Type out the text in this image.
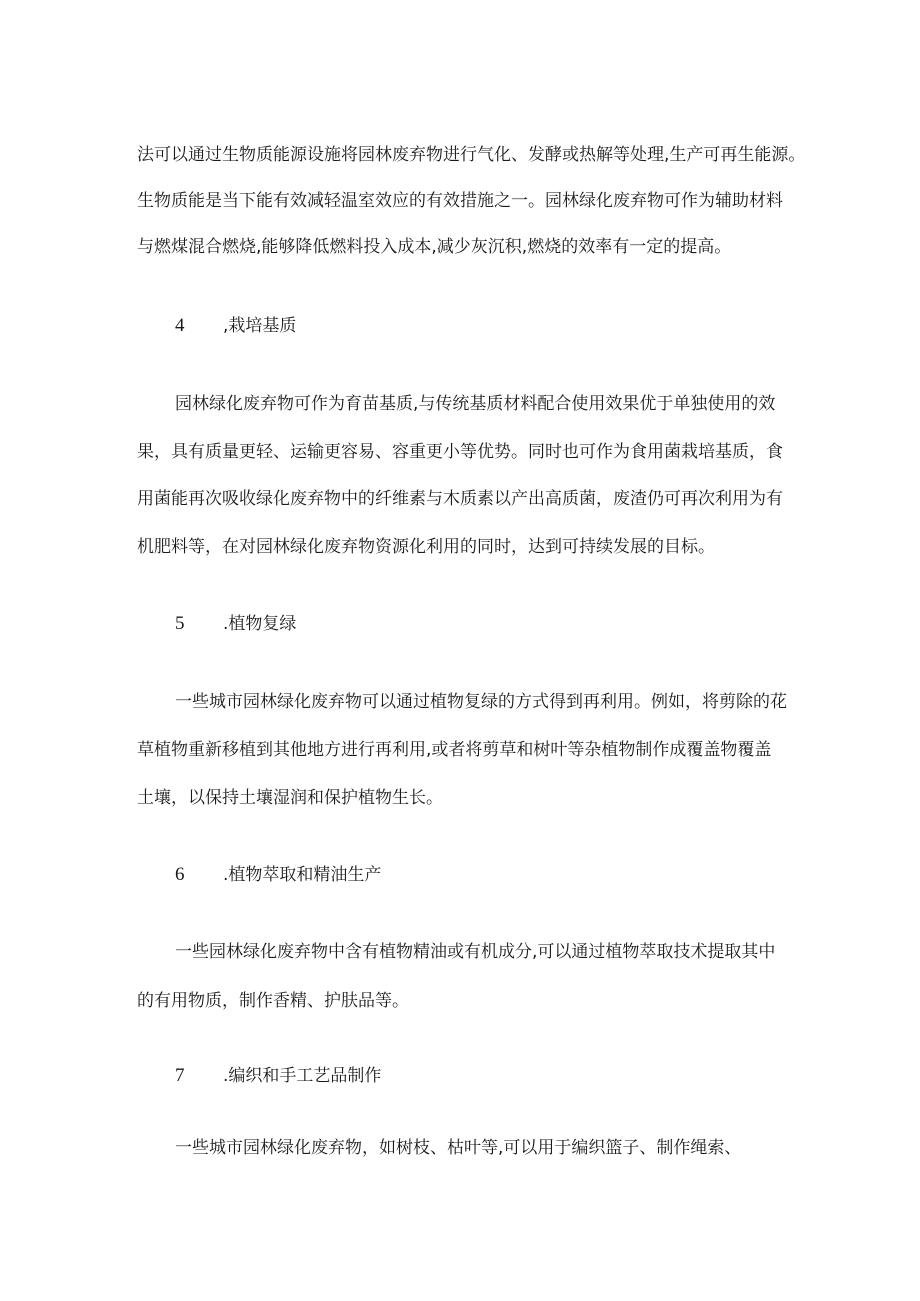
法可以通过生物质能源设施将园林废弃物进行气化、发酵或热解等处理,生产可再生能源。
生物质能是当下能有效减轻温室效应的有效措施之一。园林绿化废弃物可作为辅助材料
与燃煤混合燃烧,能够降低燃料投入成本,减少灰沉积,燃烧的效率有一定的提高。
4 ,栽培基质
园林绿化废弃物可作为育苗基质,与传统基质材料配合使用效果优于单独使用的效
果，具有质量更轻、运输更容易、容重更小等优势。同时也可作为食用菌栽培基质，食
用菌能再次吸收绿化废弃物中的纤维素与木质素以产出高质菌，废渣仍可再次利用为有
机肥料等，在对园林绿化废弃物资源化利用的同时，达到可持续发展的目标。
5 .植物复绿
一些城市园林绿化废弃物可以通过植物复绿的方式得到再利用。例如，将剪除的花
草植物重新移植到其他地方进行再利用,或者将剪草和树叶等杂植物制作成覆盖物覆盖
土壤，以保持土壤湿润和保护植物生长。
6 .植物萃取和精油生产
一些园林绿化废弃物中含有植物精油或有机成分,可以通过植物萃取技术提取其中
的有用物质，制作香精、护肤品等。
7 .编织和手工艺品制作
一些城市园林绿化废弃物，如树枝、枯叶等,可以用于编织篮子、制作绳索、
